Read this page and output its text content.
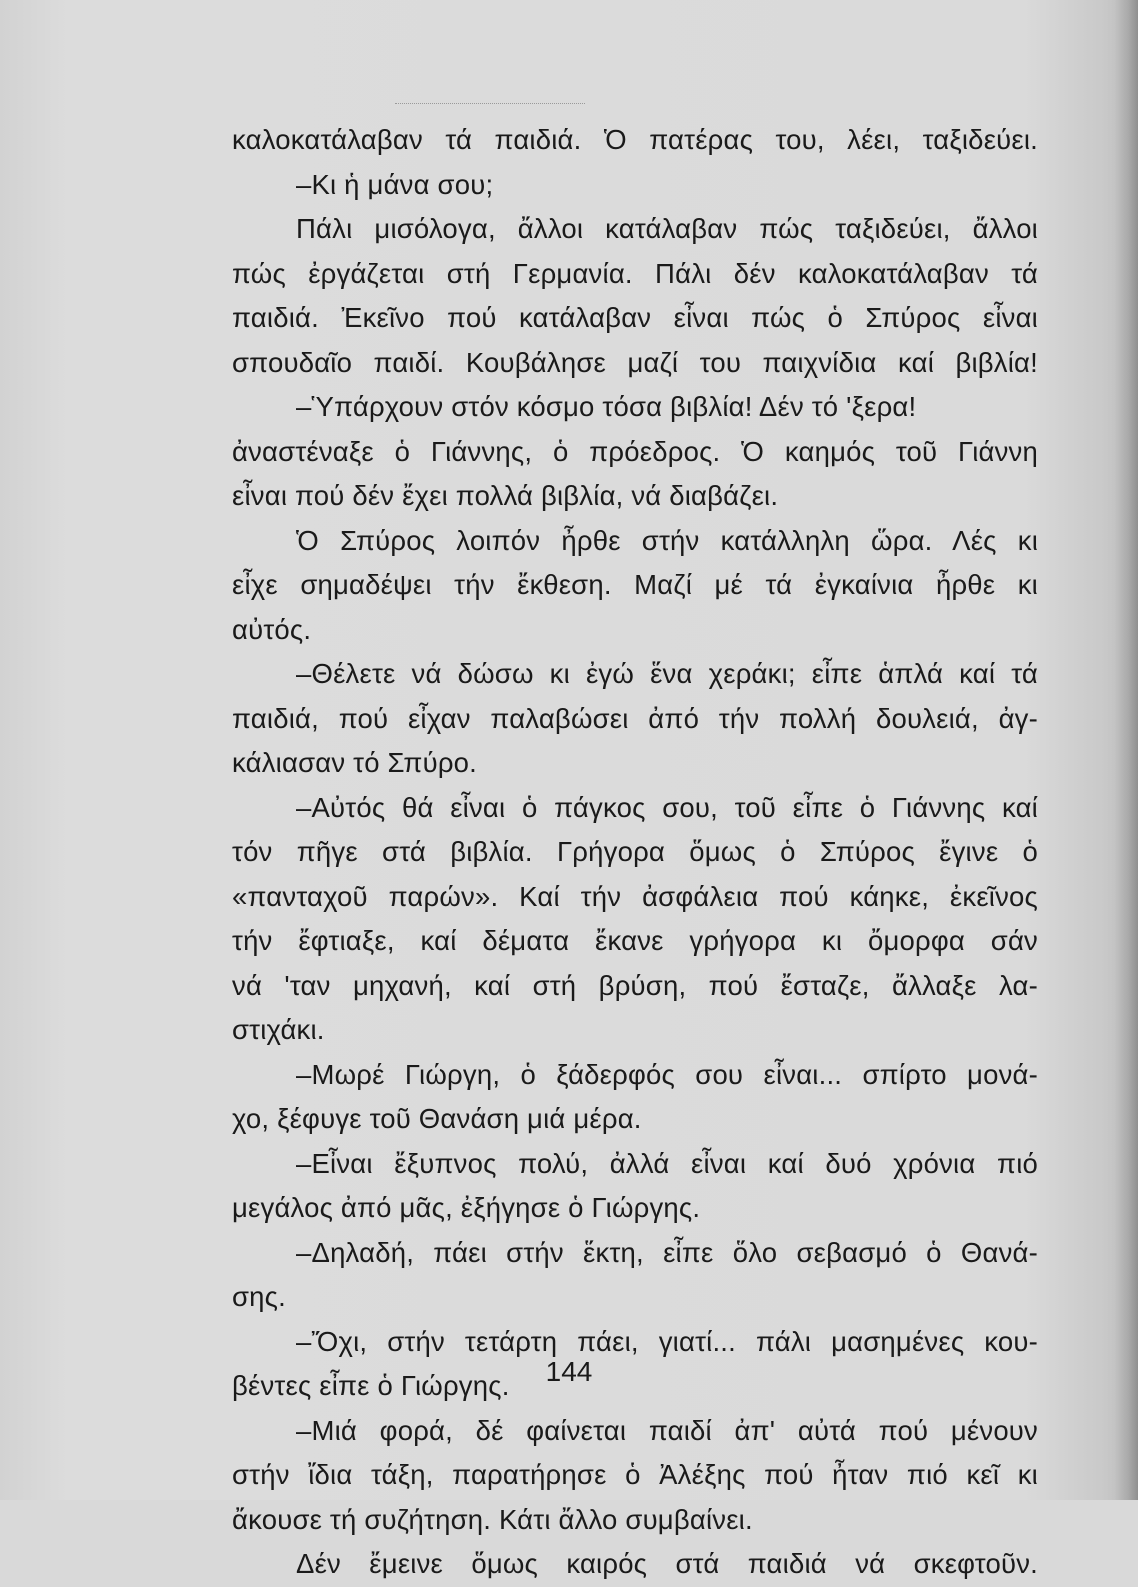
καλοκατάλαβαν τά παιδιά. Ὁ πατέρας του, λέει, ταξιδεύει.
–Κι ἡ μάνα σου;
Πάλι μισόλογα, ἄλλοι κατάλαβαν πώς ταξιδεύει, ἄλλοι
πώς ἐργάζεται στή Γερμανία. Πάλι δέν καλοκατάλαβαν τά
παιδιά. Ἐκεῖνο πού κατάλαβαν εἶναι πώς ὁ Σπύρος εἶναι
σπουδαῖο παιδί. Κουβάλησε μαζί του παιχνίδια καί βιβλία!
–Ὑπάρχουν στόν κόσμο τόσα βιβλία! Δέν τό 'ξερα!
ἀναστέναξε ὁ Γιάννης, ὁ πρόεδρος. Ὁ καημός τοῦ Γιάννη
εἶναι πού δέν ἔχει πολλά βιβλία, νά διαβάζει.
Ὁ Σπύρος λοιπόν ἦρθε στήν κατάλληλη ὥρα. Λές κι
εἶχε σημαδέψει τήν ἔκθεση. Μαζί μέ τά ἐγκαίνια ἦρθε κι
αὐτός.
–Θέλετε νά δώσω κι ἐγώ ἕνα χεράκι; εἶπε ἁπλά καί τά
παιδιά, πού εἶχαν παλαβώσει ἀπό τήν πολλή δουλειά, ἀγ-
κάλιασαν τό Σπύρο.
–Αὐτός θά εἶναι ὁ πάγκος σου, τοῦ εἶπε ὁ Γιάννης καί
τόν πῆγε στά βιβλία. Γρήγορα ὅμως ὁ Σπύρος ἔγινε ὁ
«πανταχοῦ παρών». Καί τήν ἀσφάλεια πού κάηκε, ἐκεῖνος
τήν ἔφτιαξε, καί δέματα ἔκανε γρήγορα κι ὄμορφα σάν
νά 'ταν μηχανή, καί στή βρύση, πού ἔσταζε, ἄλλαξε λα-
στιχάκι.
–Μωρέ Γιώργη, ὁ ξάδερφός σου εἶναι... σπίρτο μονά-
χο, ξέφυγε τοῦ Θανάση μιά μέρα.
–Εἶναι ἔξυπνος πολύ, ἀλλά εἶναι καί δυό χρόνια πιό
μεγάλος ἀπό μᾶς, ἐξήγησε ὁ Γιώργης.
–Δηλαδή, πάει στήν ἕκτη, εἶπε ὅλο σεβασμό ὁ Θανά-
σης.
–Ὄχι, στήν τετάρτη πάει, γιατί... πάλι μασημένες κου-
βέντες εἶπε ὁ Γιώργης.
–Μιά φορά, δέ φαίνεται παιδί ἀπ' αὐτά πού μένουν
στήν ἴδια τάξη, παρατήρησε ὁ Ἀλέξης πού ἦταν πιό κεῖ κι
ἄκουσε τή συζήτηση. Κάτι ἄλλο συμβαίνει.
Δέν ἔμεινε ὅμως καιρός στά παιδιά νά σκεφτοῦν.
144
